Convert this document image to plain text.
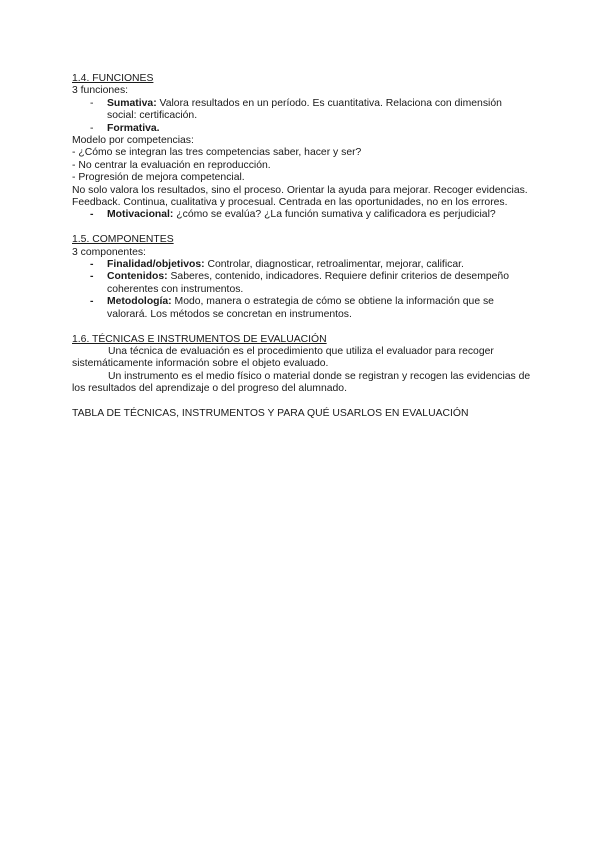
1.4. FUNCIONES
3 funciones:
- Sumativa: Valora resultados en un período. Es cuantitativa. Relaciona con dimensión social: certificación.
- Formativa.
Modelo por competencias:
- ¿Cómo se integran las tres competencias saber, hacer y ser?
- No centrar la evaluación en reproducción.
- Progresión de mejora competencial.
No solo valora los resultados, sino el proceso. Orientar la ayuda para mejorar. Recoger evidencias. Feedback. Continua, cualitativa y procesual. Centrada en las oportunidades, no en los errores.
- Motivacional: ¿cómo se evalúa? ¿La función sumativa y calificadora es perjudicial?
1.5. COMPONENTES
3 componentes:
- Finalidad/objetivos: Controlar, diagnosticar, retroalimentar, mejorar, calificar.
- Contenidos: Saberes, contenido, indicadores. Requiere definir criterios de desempeño coherentes con instrumentos.
- Metodología: Modo, manera o estrategia de cómo se obtiene la información que se valorará. Los métodos se concretan en instrumentos.
1.6. TÉCNICAS E INSTRUMENTOS DE EVALUACIÓN
Una técnica de evaluación es el procedimiento que utiliza el evaluador para recoger sistemáticamente información sobre el objeto evaluado.
Un instrumento es el medio físico o material donde se registran y recogen las evidencias de los resultados del aprendizaje o del progreso del alumnado.
TABLA DE TÉCNICAS, INSTRUMENTOS Y PARA QUÉ USARLOS EN EVALUACIÓN
